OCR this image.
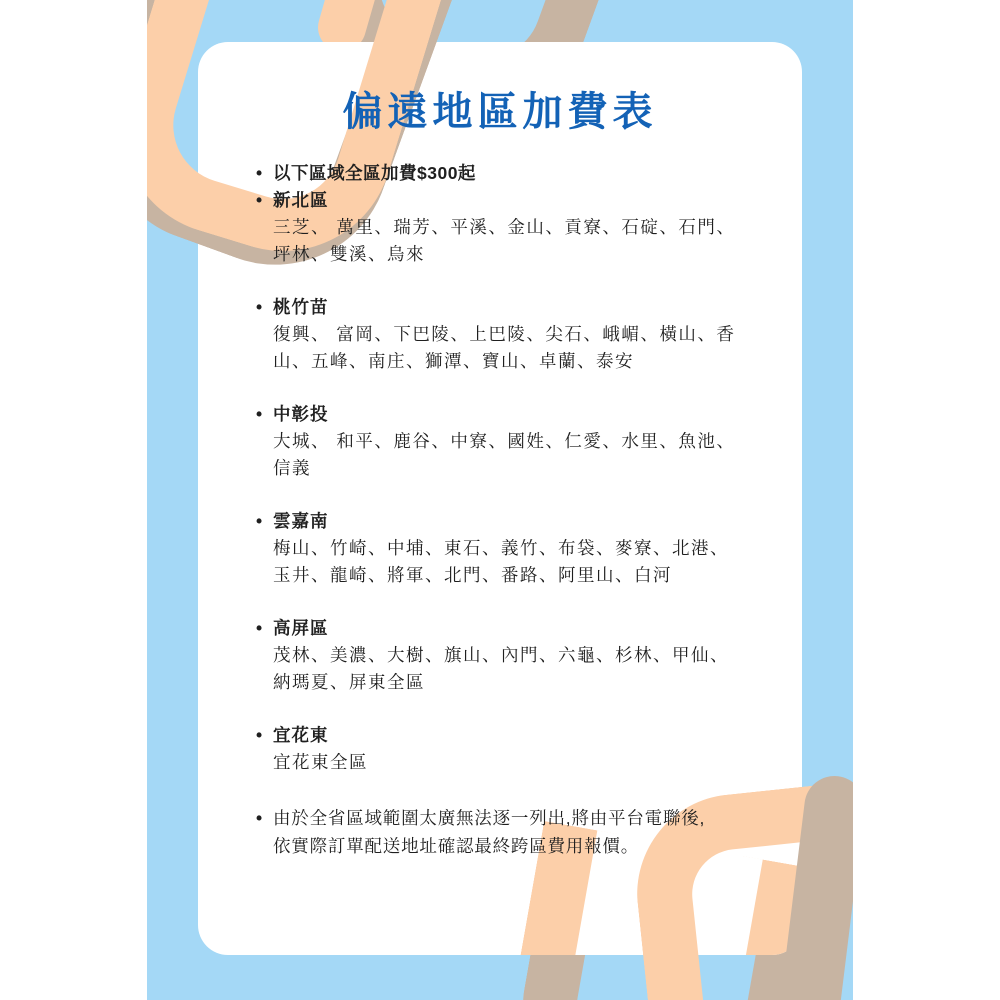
偏遠地區加費表
• 以下區域全區加費$300起
• 新北區
三芝、 萬里、瑞芳、平溪、金山、貢寮、石碇、石門、
坪林、雙溪、烏來
• 桃竹苗
復興、 富岡、下巴陵、上巴陵、尖石、峨嵋、橫山、香
山、五峰、南庄、獅潭、寶山、卓蘭、泰安
• 中彰投
大城、 和平、鹿谷、中寮、國姓、仁愛、水里、魚池、
信義
• 雲嘉南
梅山、竹崎、中埔、東石、義竹、布袋、麥寮、北港、
玉井、龍崎、將軍、北門、番路、阿里山、白河
• 高屏區
茂林、美濃、大樹、旗山、內門、六龜、杉林、甲仙、
納瑪夏、屏東全區
• 宜花東
宜花東全區
• 由於全省區域範圍太廣無法逐一列出,將由平台電聯後,
依實際訂單配送地址確認最終跨區費用報價。
